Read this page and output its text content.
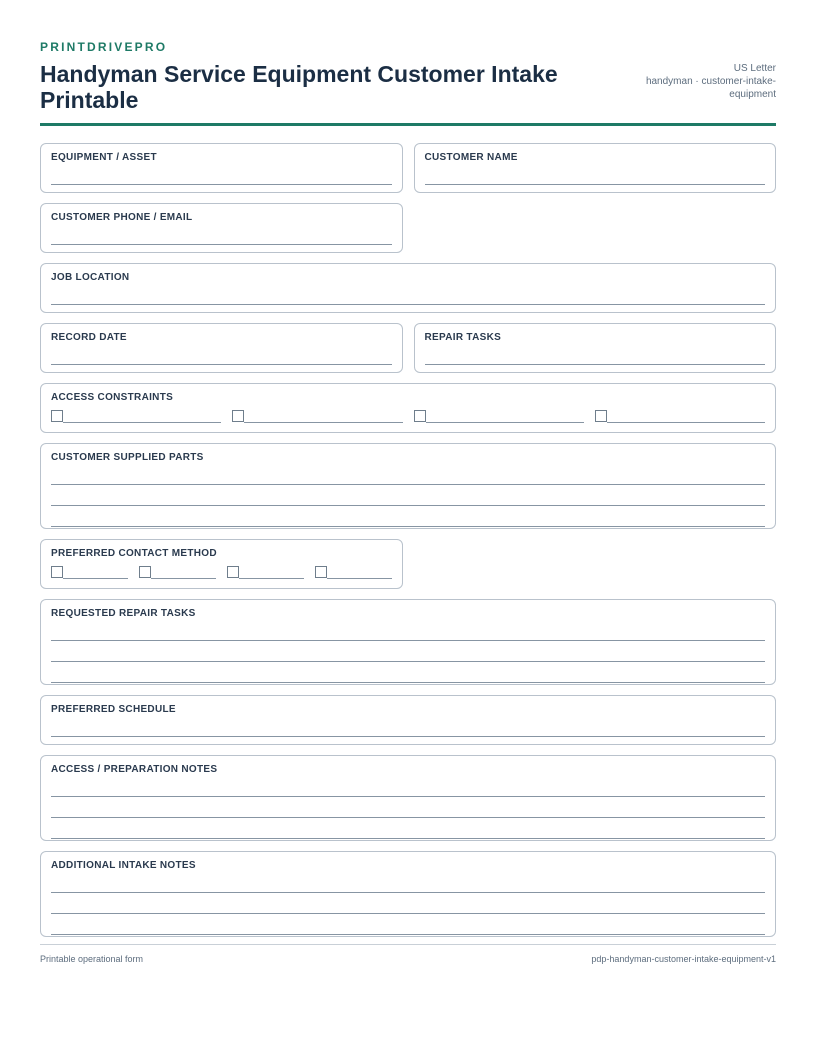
PRINTDRIVEPRO
Handyman Service Equipment Customer Intake Printable
US Letter
handyman · customer-intake-equipment
EQUIPMENT / ASSET	CUSTOMER NAME
CUSTOMER PHONE / EMAIL
JOB LOCATION
RECORD DATE	REPAIR TASKS
ACCESS CONSTRAINTS
CUSTOMER SUPPLIED PARTS
PREFERRED CONTACT METHOD
REQUESTED REPAIR TASKS
PREFERRED SCHEDULE
ACCESS / PREPARATION NOTES
ADDITIONAL INTAKE NOTES
Printable operational form	pdp-handyman-customer-intake-equipment-v1
